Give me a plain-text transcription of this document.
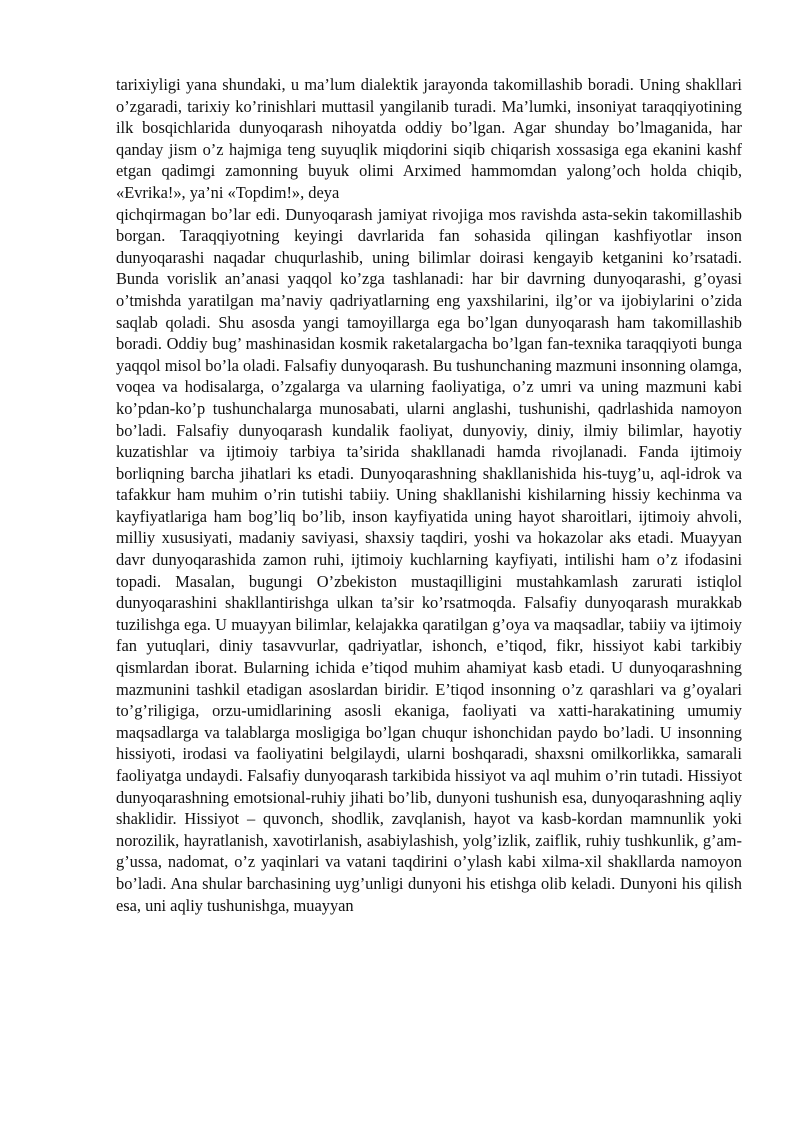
tarixiyligi yana shundaki, u ma’lum dialektik jarayonda takomillashib boradi. Uning shakllari o’zgaradi, tarixiy ko’rinishlari muttasil yangilanib turadi. Ma’lumki, insoniyat taraqqiyotining ilk bosqichlarida dunyoqarash nihoyatda oddiy bo’lgan. Agar shunday bo’lmaganida, har qanday jism o’z hajmiga teng suyuqlik miqdorini siqib chiqarish xossasiga ega ekanini kashf etgan qadimgi zamonning buyuk olimi Arximed hammomdan yalong’och holda chiqib, «Evrika!», ya’ni «Topdim!», deya

qichqirmagan bo’lar edi. Dunyoqarash jamiyat rivojiga mos ravishda asta-sekin takomillashib borgan. Taraqqiyotning keyingi davrlarida fan sohasida qilingan kashfiyotlar inson dunyoqarashi naqadar chuqurlashib, uning bilimlar doirasi kengayib ketganini ko’rsatadi. Bunda vorislik an’anasi yaqqol ko’zga tashlanadi: har bir davrning dunyoqarashi, g’oyasi o’tmishda yaratilgan ma’naviy qadriyatlarning eng yaxshilarini, ilg’or va ijobiylarini o’zida saqlab qoladi. Shu asosda yangi tamoyillarga ega bo’lgan dunyoqarash ham takomillashib boradi. Oddiy bug’ mashinasidan kosmik raketalargacha bo’lgan fan-texnika taraqqiyoti bunga yaqqol misol bo’la oladi. Falsafiy dunyoqarash. Bu tushunchaning mazmuni insonning olamga, voqea va hodisalarga, o’zgalarga va ularning faoliyatiga, o’z umri va uning mazmuni kabi ko’pdan-ko’p tushunchalarga munosabati, ularni anglashi, tushunishi, qadrlashida namoyon bo’ladi. Falsafiy dunyoqarash kundalik faoliyat, dunyoviy, diniy, ilmiy bilimlar, hayotiy kuzatishlar va ijtimoiy tarbiya ta’sirida shakllanadi hamda rivojlanadi. Fanda ijtimoiy borliqning barcha jihatlari ks etadi. Dunyoqarashning shakllanishida his-tuyg’u, aql-idrok va tafakkur ham muhim o’rin tutishi tabiiy. Uning shakllanishi kishilarning hissiy kechinma va kayfiyatlariga ham bog’liq bo’lib, inson kayfiyatida uning hayot sharoitlari, ijtimoiy ahvoli, milliy xususiyati, madaniy saviyasi, shaxsiy taqdiri, yoshi va hokazolar aks etadi. Muayyan davr dunyoqarashida zamon ruhi, ijtimoiy kuchlarning kayfiyati, intilishi ham o’z ifodasini topadi. Masalan, bugungi O’zbekiston mustaqilligini mustahkamlash zarurati istiqlol dunyoqarashini shakllantirishga ulkan ta’sir ko’rsatmoqda. Falsafiy dunyoqarash murakkab tuzilishga ega. U muayyan bilimlar, kelajakka qaratilgan g’oya va maqsadlar, tabiiy va ijtimoiy fan yutuqlari, diniy tasavvurlar, qadriyatlar, ishonch, e’tiqod, fikr, hissiyot kabi tarkibiy qismlardan iborat. Bularning ichida e’tiqod muhim ahamiyat kasb etadi. U dunyoqarashning mazmunini tashkil etadigan asoslardan biridir. E’tiqod insonning o’z qarashlari va g’oyalari to’g’riligiga, orzu-umidlarining asosli ekaniga, faoliyati va xatti-harakatining umumiy maqsadlarga va talablarga mosligiga bo’lgan chuqur ishonchidan paydo bo’ladi. U insonning hissiyoti, irodasi va faoliyatini belgilaydi, ularni boshqaradi, shaxsni omilkorlikka, samarali faoliyatga undaydi. Falsafiy dunyoqarash tarkibida hissiyot va aql muhim o’rin tutadi. Hissiyot dunyoqarashning emotsional-ruhiy jihati bo’lib, dunyoni tushunish esa, dunyoqarashning aqliy shaklidir. Hissiyot – quvonch, shodlik, zavqlanish, hayot va kasb-kordan mamnunlik yoki norozilik, hayratlanish, xavotirlanish, asabiylashish, yolg’izlik, zaiflik, ruhiy tushkunlik, g’am-g’ussa, nadomat, o’z yaqinlari va vatani taqdirini o’ylash kabi xilma-xil shakllarda namoyon bo’ladi. Ana shular barchasining uyg’unligi dunyoni his etishga olib keladi. Dunyoni his qilish esa, uni aqliy tushunishga, muayyan
